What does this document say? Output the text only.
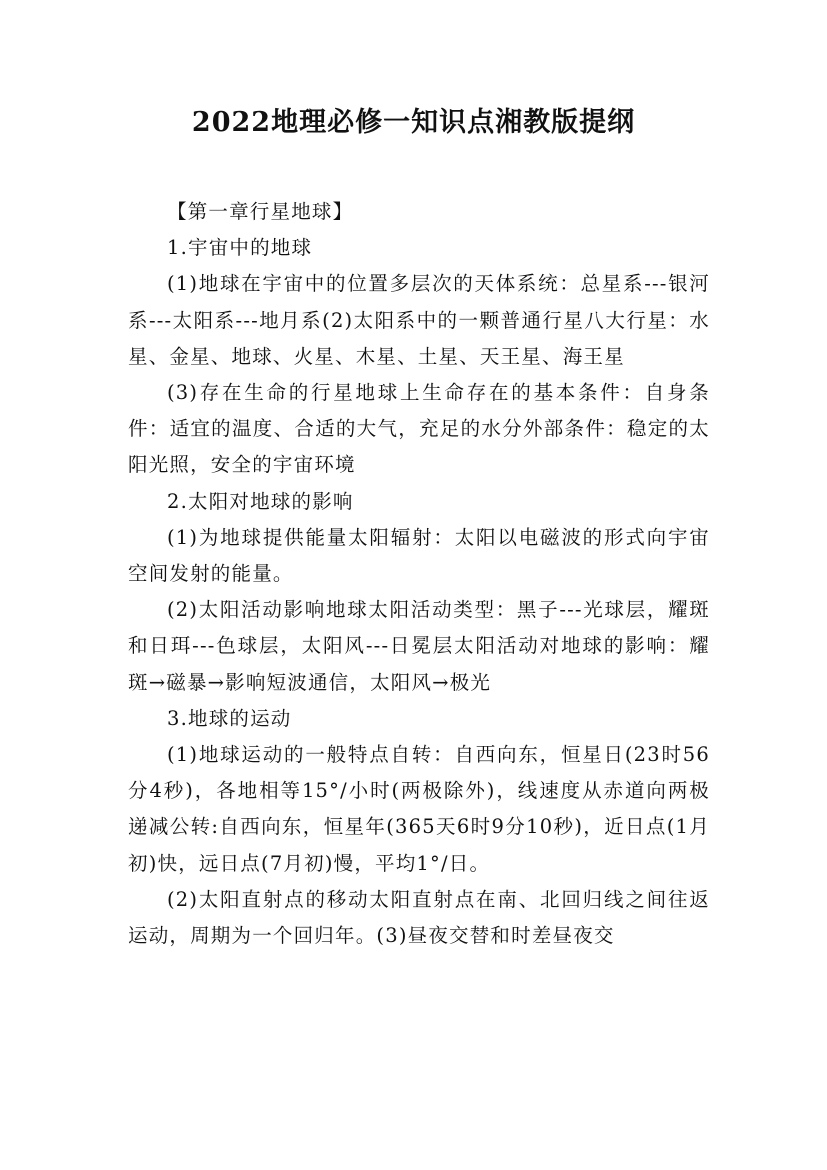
2022地理必修一知识点湘教版提纲

【第一章行星地球】

1.宇宙中的地球

(1)地球在宇宙中的位置多层次的天体系统：总星系---银河系---太阳系---地月系(2)太阳系中的一颗普通行星八大行星：水星、金星、地球、火星、木星、土星、天王星、海王星

(3)存在生命的行星地球上生命存在的基本条件：自身条件：适宜的温度、合适的大气，充足的水分外部条件：稳定的太阳光照，安全的宇宙环境

2.太阳对地球的影响

(1)为地球提供能量太阳辐射：太阳以电磁波的形式向宇宙空间发射的能量。

(2)太阳活动影响地球太阳活动类型：黑子---光球层，耀斑和日珥---色球层，太阳风---日冕层太阳活动对地球的影响：耀斑→磁暴→影响短波通信，太阳风→极光

3.地球的运动

(1)地球运动的一般特点自转：自西向东，恒星日(23时56分4秒)，各地相等15°/小时(两极除外)，线速度从赤道向两极递减公转:自西向东，恒星年(365天6时9分10秒)，近日点(1月初)快，远日点(7月初)慢，平均1°/日。

(2)太阳直射点的移动太阳直射点在南、北回归线之间往返运动，周期为一个回归年。(3)昼夜交替和时差昼夜交
